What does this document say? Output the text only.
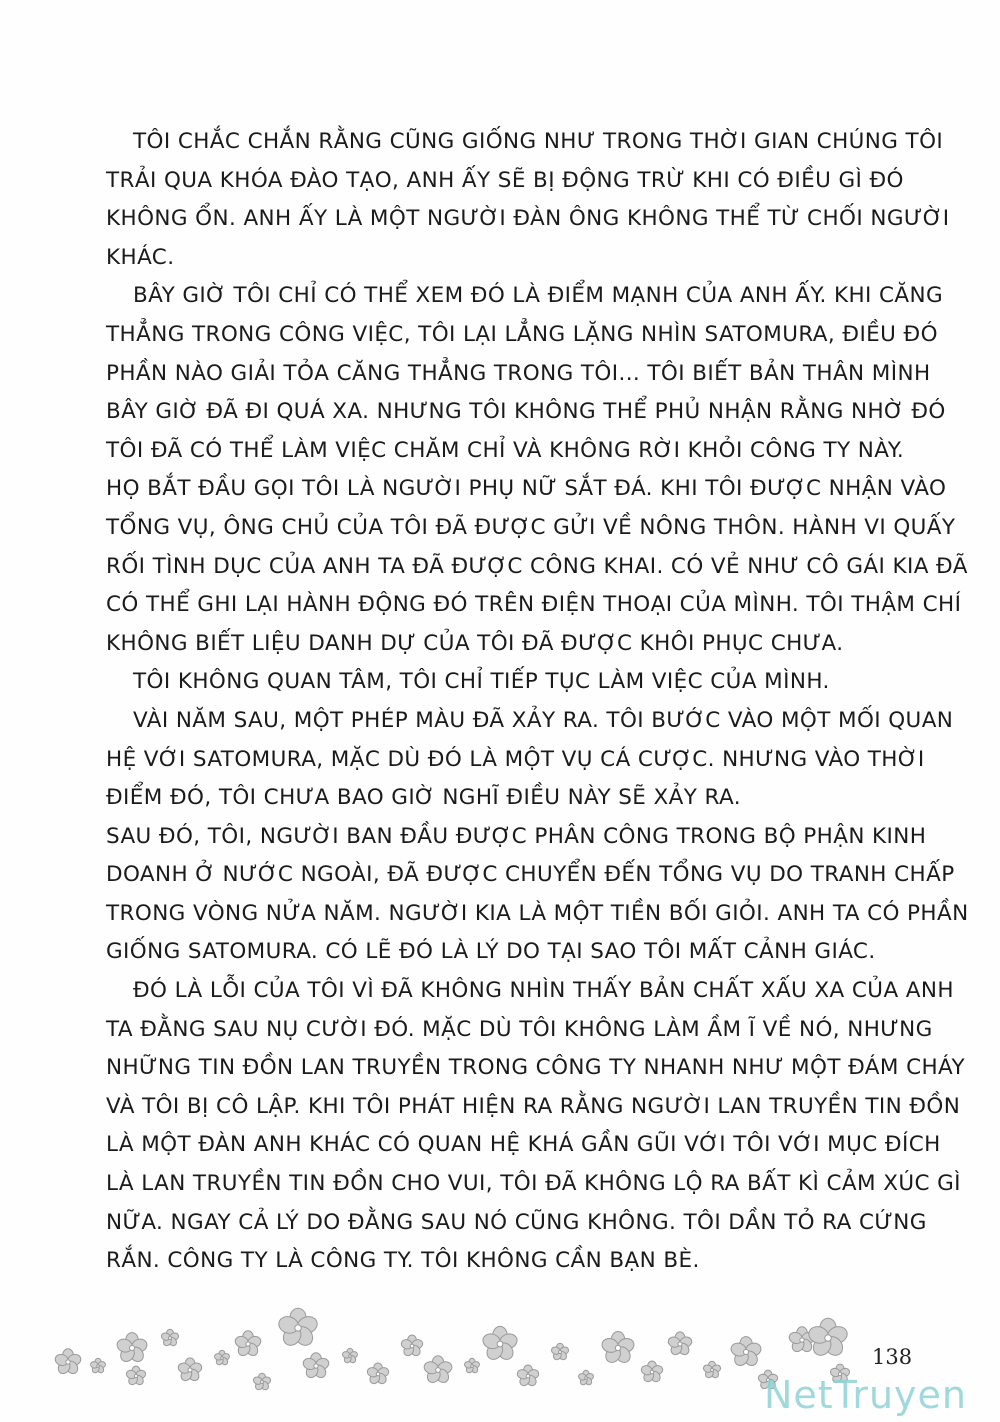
TÔI CHẮC CHẮN RẰNG CŨNG GIỐNG NHƯ TRONG THỜI GIAN CHÚNG TÔI
TRẢI QUA KHÓA ĐÀO TẠO, ANH ẤY SẼ BỊ ĐỘNG TRỪ KHI CÓ ĐIỀU GÌ ĐÓ
KHÔNG ỔN. ANH ẤY LÀ MỘT NGƯỜI ĐÀN ÔNG KHÔNG THỂ TỪ CHỐI NGƯỜI
KHÁC.
BÂY GIỜ TÔI CHỈ CÓ THỂ XEM ĐÓ LÀ ĐIỂM MẠNH CỦA ANH ẤY. KHI CĂNG
THẲNG TRONG CÔNG VIỆC, TÔI LẠI LẲNG LẶNG NHÌN SATOMURA, ĐIỀU ĐÓ
PHẦN NÀO GIẢI TỎA CĂNG THẲNG TRONG TÔI... TÔI BIẾT BẢN THÂN MÌNH
BÂY GIỜ ĐÃ ĐI QUÁ XA. NHƯNG TÔI KHÔNG THỂ PHỦ NHẬN RẰNG NHỜ ĐÓ
TÔI ĐÃ CÓ THỂ LÀM VIỆC CHĂM CHỈ VÀ KHÔNG RỜI KHỎI CÔNG TY NÀY.
HỌ BẮT ĐẦU GỌI TÔI LÀ NGƯỜI PHỤ NỮ SẮT ĐÁ. KHI TÔI ĐƯỢC NHẬN VÀO
TỔNG VỤ, ÔNG CHỦ CỦA TÔI ĐÃ ĐƯỢC GỬI VỀ NÔNG THÔN. HÀNH VI QUẤY
RỐI TÌNH DỤC CỦA ANH TA ĐÃ ĐƯỢC CÔNG KHAI. CÓ VẺ NHƯ CÔ GÁI KIA ĐÃ
CÓ THỂ GHI LẠI HÀNH ĐỘNG ĐÓ TRÊN ĐIỆN THOẠI CỦA MÌNH. TÔI THẬM CHÍ
KHÔNG BIẾT LIỆU DANH DỰ CỦA TÔI ĐÃ ĐƯỢC KHÔI PHỤC CHƯA.
TÔI KHÔNG QUAN TÂM, TÔI CHỈ TIẾP TỤC LÀM VIỆC CỦA MÌNH.
VÀI NĂM SAU, MỘT PHÉP MÀU ĐÃ XẢY RA. TÔI BƯỚC VÀO MỘT MỐI QUAN
HỆ VỚI SATOMURA, MẶC DÙ ĐÓ LÀ MỘT VỤ CÁ CƯỢC. NHƯNG VÀO THỜI
ĐIỂM ĐÓ, TÔI CHƯA BAO GIỜ NGHĨ ĐIỀU NÀY SẼ XẢY RA.
SAU ĐÓ, TÔI, NGƯỜI BAN ĐẦU ĐƯỢC PHÂN CÔNG TRONG BỘ PHẬN KINH
DOANH Ở NƯỚC NGOÀI, ĐÃ ĐƯỢC CHUYỂN ĐẾN TỔNG VỤ DO TRANH CHẤP
TRONG VÒNG NỬA NĂM. NGƯỜI KIA LÀ MỘT TIỀN BỐI GIỎI. ANH TA CÓ PHẦN
GIỐNG SATOMURA. CÓ LẼ ĐÓ LÀ LÝ DO TẠI SAO TÔI MẤT CẢNH GIÁC.
ĐÓ LÀ LỖI CỦA TÔI VÌ ĐÃ KHÔNG NHÌN THẤY BẢN CHẤT XẤU XA CỦA ANH
TA ĐẰNG SAU NỤ CƯỜI ĐÓ. MẶC DÙ TÔI KHÔNG LÀM ẦM Ĩ VỀ NÓ, NHƯNG
NHỮNG TIN ĐỒN LAN TRUYỀN TRONG CÔNG TY NHANH NHƯ MỘT ĐÁM CHÁY
VÀ TÔI BỊ CÔ LẬP. KHI TÔI PHÁT HIỆN RA RẰNG NGƯỜI LAN TRUYỀN TIN ĐỒN
LÀ MỘT ĐÀN ANH KHÁC CÓ QUAN HỆ KHÁ GẦN GŨI VỚI TÔI VỚI MỤC ĐÍCH
LÀ LAN TRUYỀN TIN ĐỒN CHO VUI, TÔI ĐÃ KHÔNG LỘ RA BẤT KÌ CẢM XÚC GÌ
NỮA. NGAY CẢ LÝ DO ĐẰNG SAU NÓ CŨNG KHÔNG. TÔI DẦN TỎ RA CỨNG
RẮN. CÔNG TY LÀ CÔNG TY. TÔI KHÔNG CẦN BẠN BÈ.
138
NetTruyen
